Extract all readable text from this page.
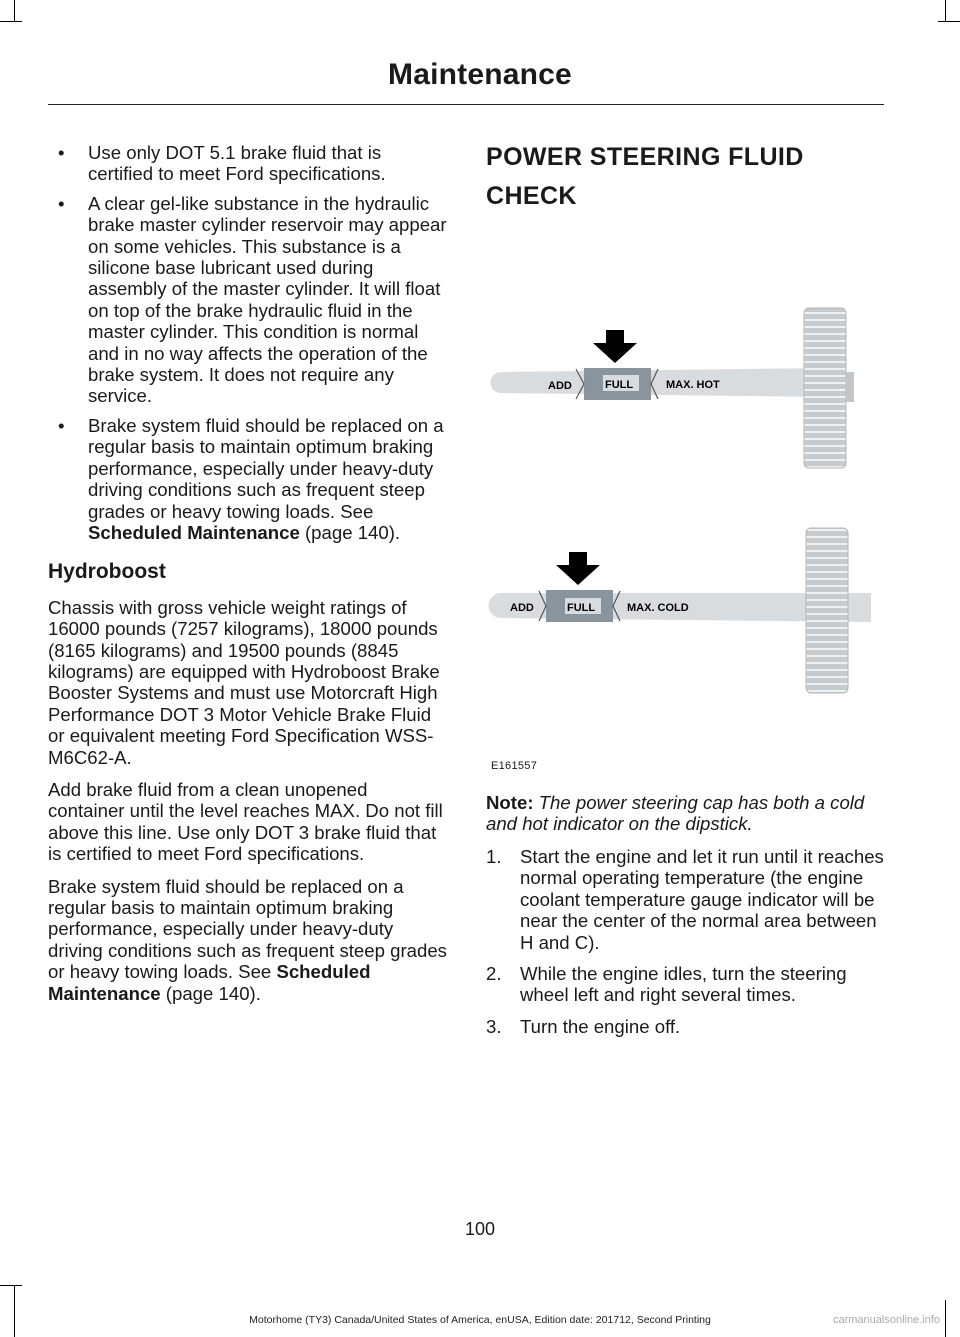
Maintenance
• Use only DOT 5.1 brake fluid that is certified to meet Ford specifications.
• A clear gel-like substance in the hydraulic brake master cylinder reservoir may appear on some vehicles. This substance is a silicone base lubricant used during assembly of the master cylinder. It will float on top of the brake hydraulic fluid in the master cylinder. This condition is normal and in no way affects the operation of the brake system. It does not require any service.
• Brake system fluid should be replaced on a regular basis to maintain optimum braking performance, especially under heavy-duty driving conditions such as frequent steep grades or heavy towing loads. See Scheduled Maintenance (page 140).
Hydroboost

Chassis with gross vehicle weight ratings of 16000 pounds (7257 kilograms), 18000 pounds (8165 kilograms) and 19500 pounds (8845 kilograms) are equipped with Hydroboost Brake Booster Systems and must use Motorcraft High Performance DOT 3 Motor Vehicle Brake Fluid or equivalent meeting Ford Specification WSS-M6C62-A.

Add brake fluid from a clean unopened container until the level reaches MAX. Do not fill above this line. Use only DOT 3 brake fluid that is certified to meet Ford specifications.

Brake system fluid should be replaced on a regular basis to maintain optimum braking performance, especially under heavy-duty driving conditions such as frequent steep grades or heavy towing loads. See Scheduled Maintenance (page 140).

POWER STEERING FLUID
CHECK
ADD	FULL	MAX. HOT
ADD	FULL	MAX. COLD
E161557
Note: The power steering cap has both a cold and hot indicator on the dipstick.
1. Start the engine and let it run until it reaches normal operating temperature (the engine coolant temperature gauge indicator will be near the center of the normal area between H and C).
2. While the engine idles, turn the steering wheel left and right several times.
3. Turn the engine off.
100
Motorhome (TY3) Canada/United States of America, enUSA, Edition date: 201712, Second Printing	carmanualsonline.info
